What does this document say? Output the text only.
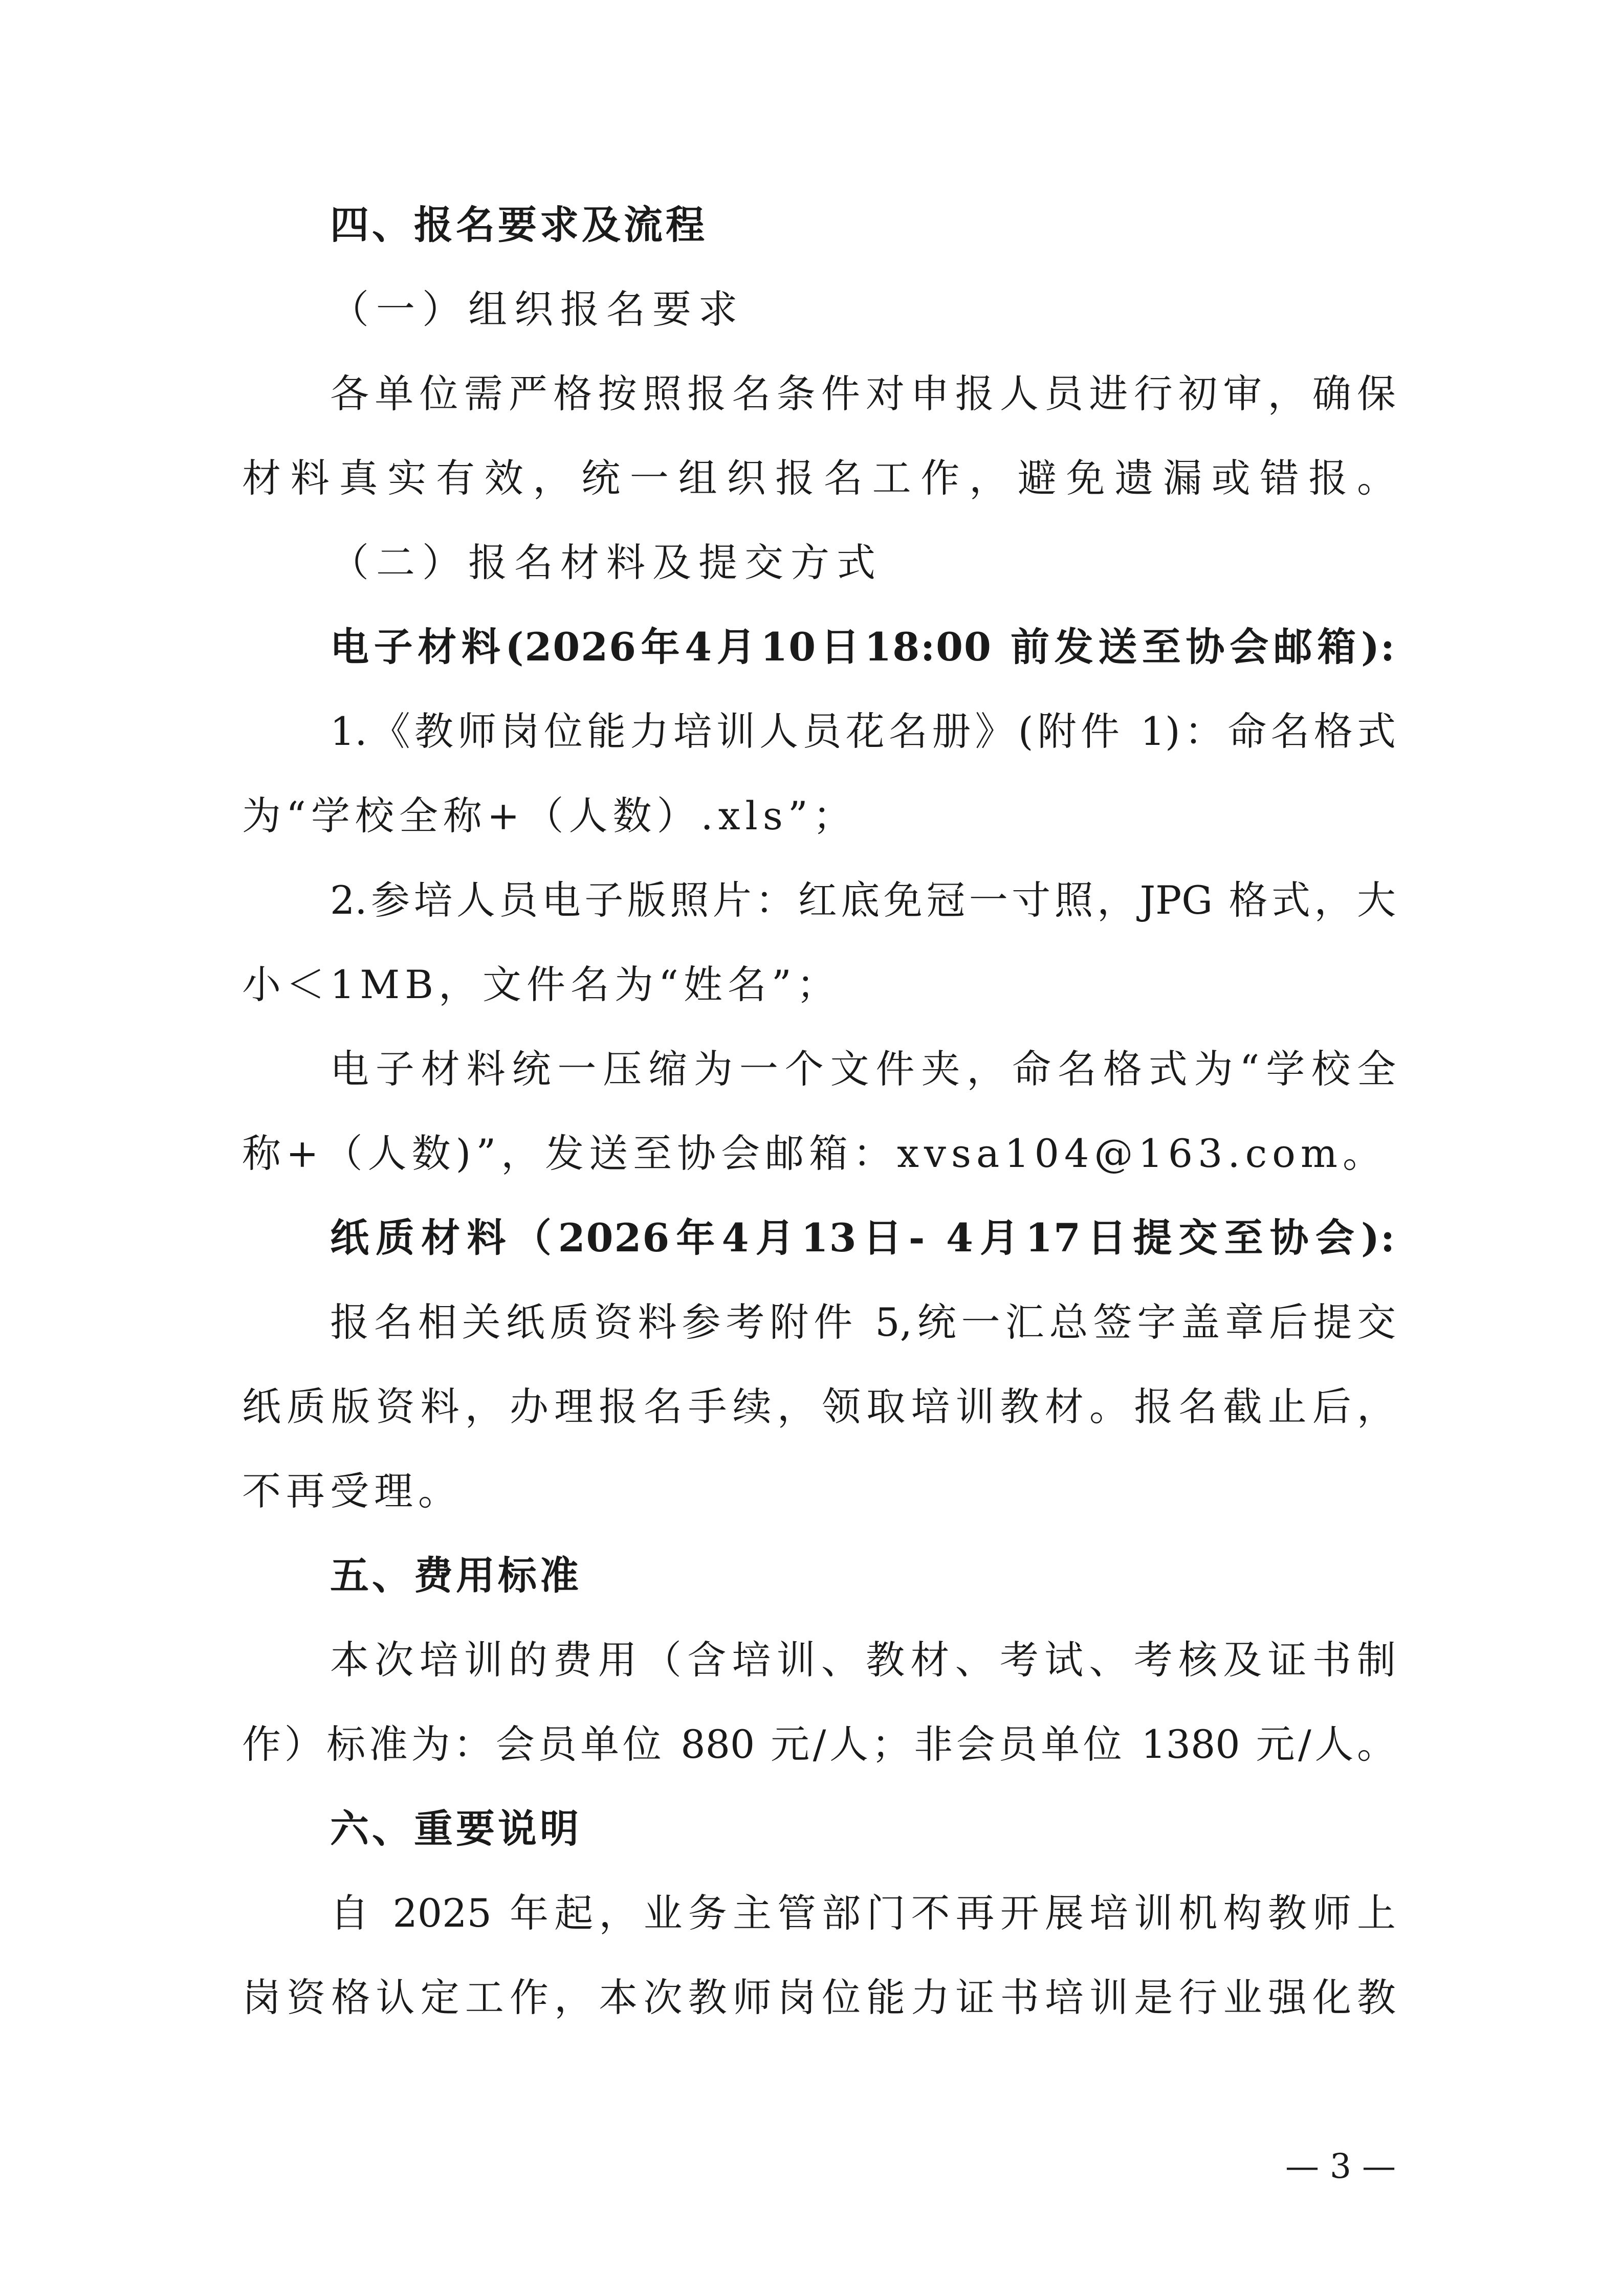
四、报名要求及流程
（一）组织报名要求
各单位需严格按照报名条件对申报人员进行初审，确保
材料真实有效，统一组织报名工作，避免遗漏或错报。
（二）报名材料及提交方式
电子材料(2026年4月10日18:00 前发送至协会邮箱):
1.《教师岗位能力培训人员花名册》(附件 1)：命名格式
为“学校全称+（人数）.xls”；
2.参培人员电子版照片：红底免冠一寸照，JPG 格式，大
小＜1MB，文件名为“姓名”；
电子材料统一压缩为一个文件夹，命名格式为“学校全
称+（人数)”，发送至协会邮箱：xvsa104@163.com。
纸质材料（2026年4月13日- 4月17日提交至协会):
报名相关纸质资料参考附件 5,统一汇总签字盖章后提交
纸质版资料，办理报名手续，领取培训教材。报名截止后，
不再受理。
五、费用标准
本次培训的费用（含培训、教材、考试、考核及证书制
作）标准为：会员单位 880 元/人；非会员单位 1380 元/人。
六、重要说明
自 2025 年起，业务主管部门不再开展培训机构教师上
岗资格认定工作，本次教师岗位能力证书培训是行业强化教
— 3 —
